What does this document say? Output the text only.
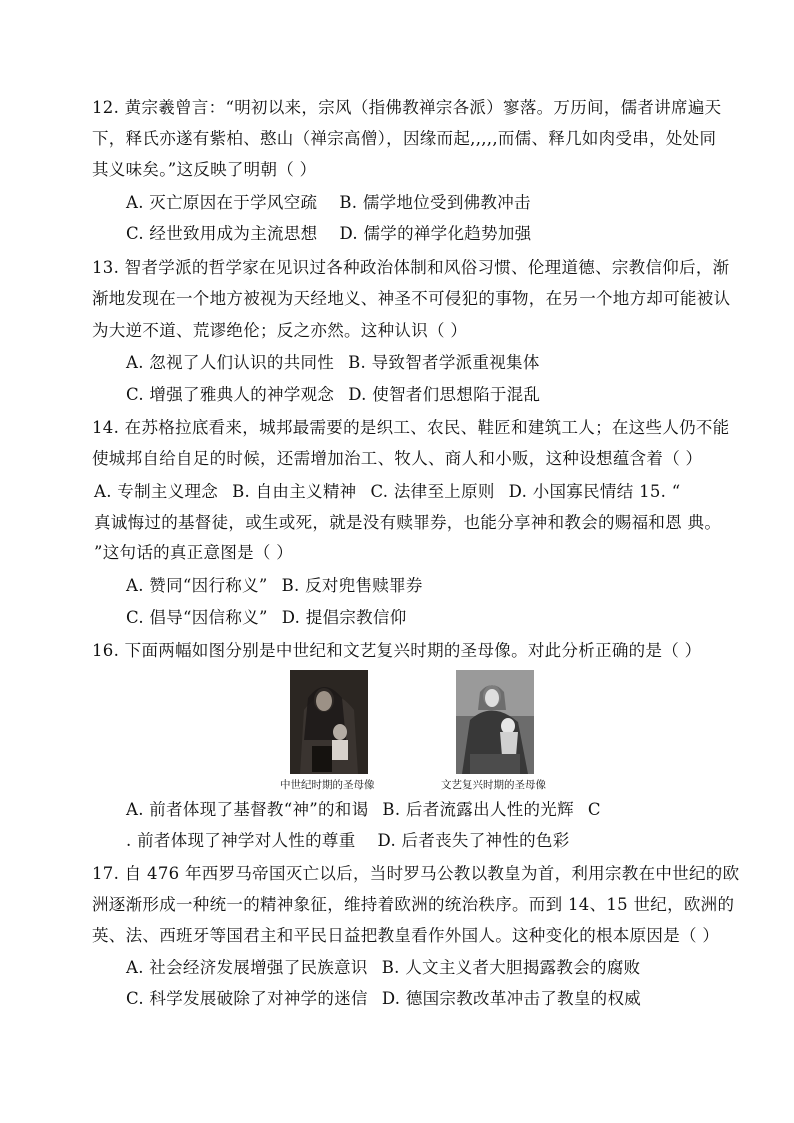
12. 黄宗羲曾言：“明初以来，宗风（指佛教禅宗各派）寥落。万历间，儒者讲席遍天
下，释氏亦遂有紫柏、憨山（禅宗高僧），因缘而起,,,,,而儒、释几如肉受串，处处同
其义味矣。”这反映了明朝（ ）
A. 灭亡原因在于学风空疏 B. 儒学地位受到佛教冲击
C. 经世致用成为主流思想 D. 儒学的禅学化趋势加强
13. 智者学派的哲学家在见识过各种政治体制和风俗习惯、伦理道德、宗教信仰后，渐
渐地发现在一个地方被视为天经地义、神圣不可侵犯的事物，在另一个地方却可能被认
为大逆不道、荒谬绝伦；反之亦然。这种认识（ ）
A. 忽视了人们认识的共同性 B. 导致智者学派重视集体
C. 增强了雅典人的神学观念 D. 使智者们思想陷于混乱
14. 在苏格拉底看来，城邦最需要的是织工、农民、鞋匠和建筑工人；在这些人仍不能
使城邦自给自足的时候，还需增加治工、牧人、商人和小贩，这种设想蕴含着（ ）
A. 专制主义理念 B. 自由主义精神 C. 法律至上原则 D. 小国寡民情结 15. “
真诚悔过的基督徒，或生或死，就是没有赎罪券，也能分享神和教会的赐福和恩 典。
”这句话的真正意图是（ ）
A. 赞同“因行称义” B. 反对兜售赎罪券
C. 倡导“因信称义” D. 提倡宗教信仰
16. 下面两幅如图分别是中世纪和文艺复兴时期的圣母像。对此分析正确的是（ ）
中世纪时期的圣母像	文艺复兴时期的圣母像
A. 前者体现了基督教“神”的和谒 B. 后者流露出人性的光辉 C
. 前者体现了神学对人性的尊重 D. 后者丧失了神性的色彩
17. 自 476 年西罗马帝国灭亡以后，当时罗马公教以教皇为首，利用宗教在中世纪的欧
洲逐渐形成一种统一的精神象征，维持着欧洲的统治秩序。而到 14、15 世纪，欧洲的
英、法、西班牙等国君主和平民日益把教皇看作外国人。这种变化的根本原因是（ ）
A. 社会经济发展增强了民族意识 B. 人文主义者大胆揭露教会的腐败
C. 科学发展破除了对神学的迷信 D. 德国宗教改革冲击了教皇的权威
